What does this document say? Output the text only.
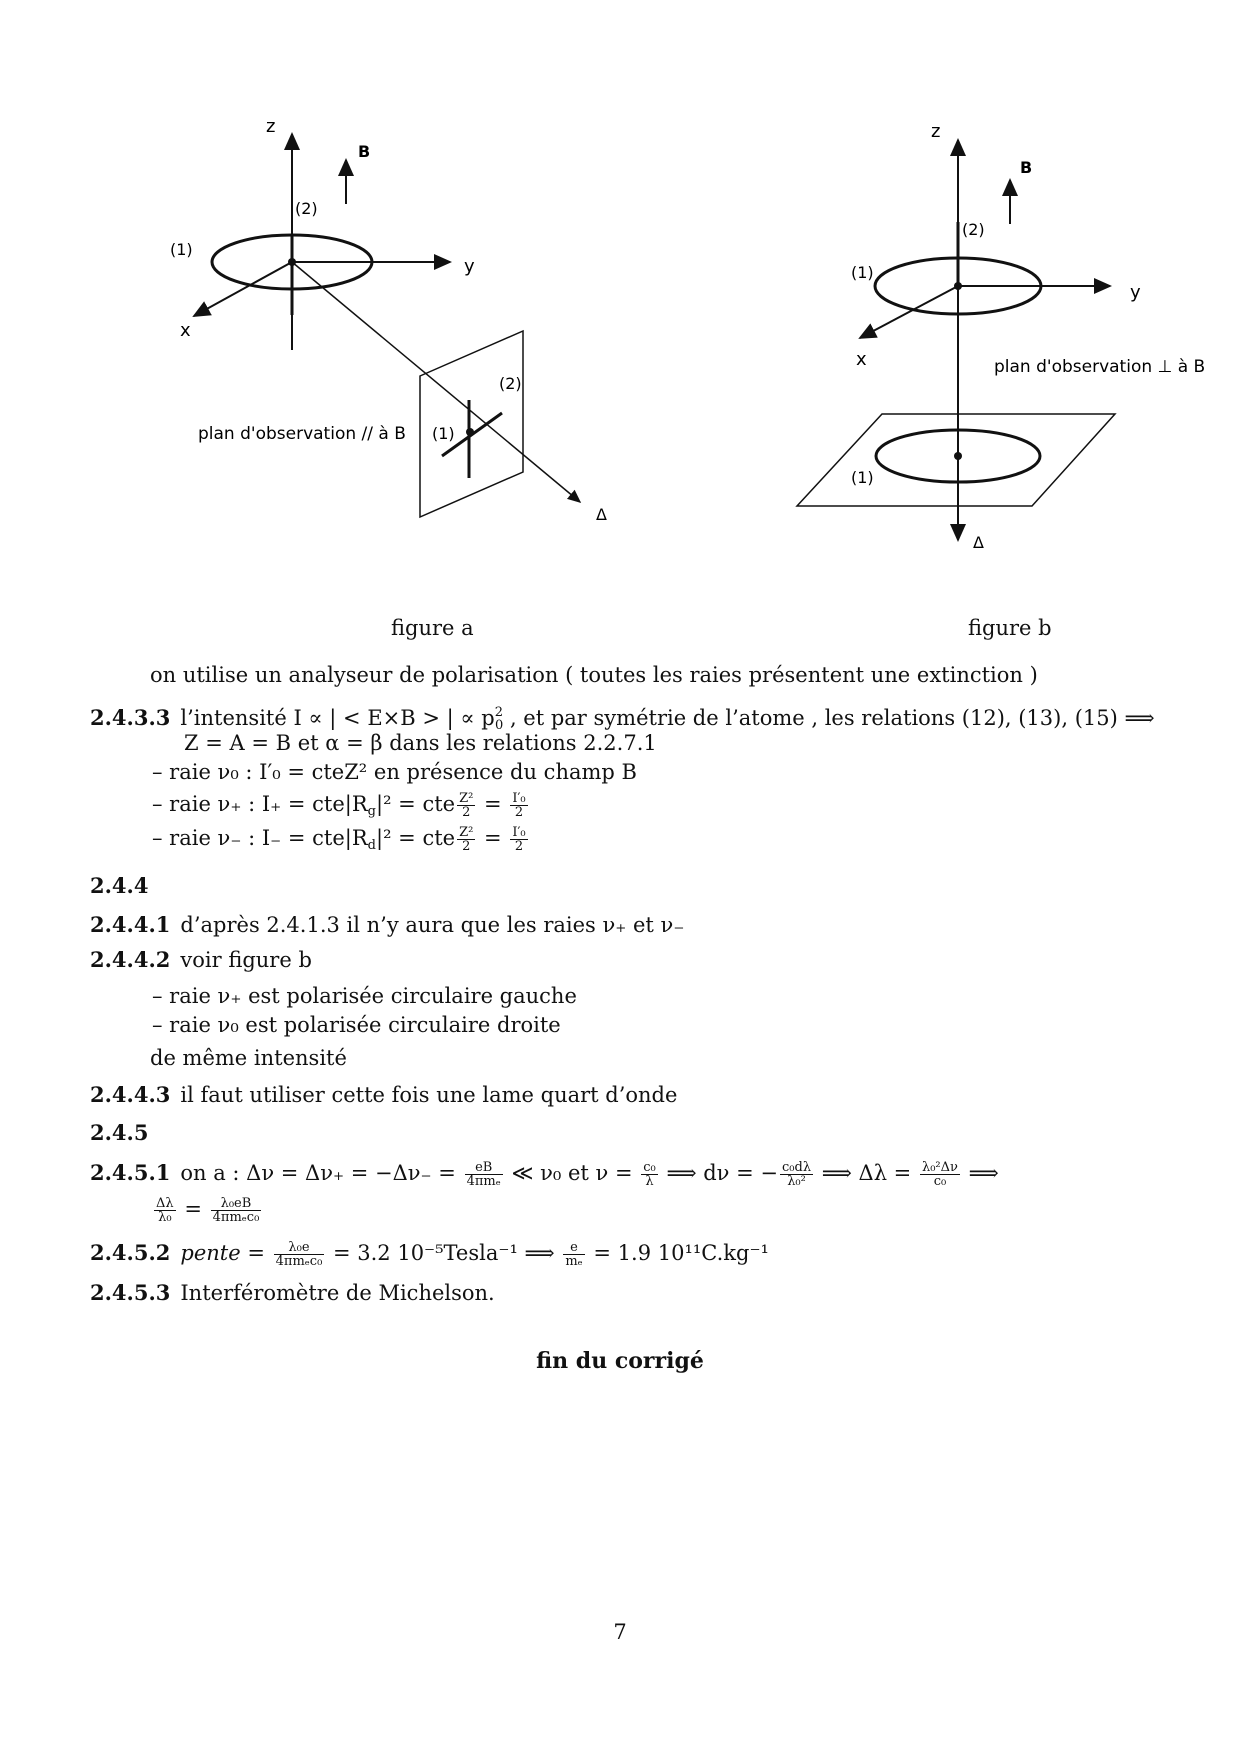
z
y
x
B
(2)
(1)
(2)
(1)
plan d'observation // à B
Δ
figure a
z
y
x
B
(2)
(1)
plan d'observation ⊥ à B
(1)
Δ
figure b
on utilise un analyseur de polarisation ( toutes les raies présentent une extinction )
2.4.3.3 l’intensité I ∝ | < E×B > | ∝ $p^2_0$ , et par symétrie de l’atome , les relations (12), (13), (15) ⟹
Z = A = B et α = β dans les relations 2.2.7.1
– raie ν₀ : I′₀ = cteZ² en présence du champ B
– raie ν₊ : $I_+ = cte|R_g|^2$ = cte $\frac{\text{Z²}}{2} = \frac{\text{I′₀}}{2}$
– raie ν₋ : $I_- = cte|R_d|^2$ = cte $\frac{\text{Z²}}{2} = \frac{\text{I′₀}}{2}$
2.4.4
2.4.4.1 d’après 2.4.1.3 il n’y aura que les raies ν₊ et ν₋
2.4.4.2 voir figure b
– raie ν₊ est polarisée circulaire gauche
– raie ν₀ est polarisée circulaire droite
de même intensité
2.4.4.3 il faut utiliser cette fois une lame quart d’onde
2.4.5
2.4.5.1 on a : $\Delta\nu = \Delta\nu_+ = -\Delta\nu_- = \frac{eB}{\text{4πmₑ}}$ ≪ ν₀ et $\nu = \frac{\text{c₀}}{\lambda}$ ⟹ dν = − $\frac{\text{c₀dλ}}{\text{λ₀²}}$ ⟹ $\Delta\lambda = \frac{\text{λ₀²Δν}}{\text{c₀}}$ ⟹
$\frac{\Delta\lambda}{\text{λ₀}} = \frac{\text{λ₀eB}}{\text{4πmₑc₀}}$
2.4.5.2 pente = $\frac{\text{λ₀e}}{\text{4πmₑc₀}} = 3.2$ 10⁻⁵Tesla⁻¹ ⟹ $\frac{e}{\text{mₑ}} = 1.9$ 10¹¹C.kg⁻¹
2.4.5.3 Interféromètre de Michelson.
fin du corrigé
7
